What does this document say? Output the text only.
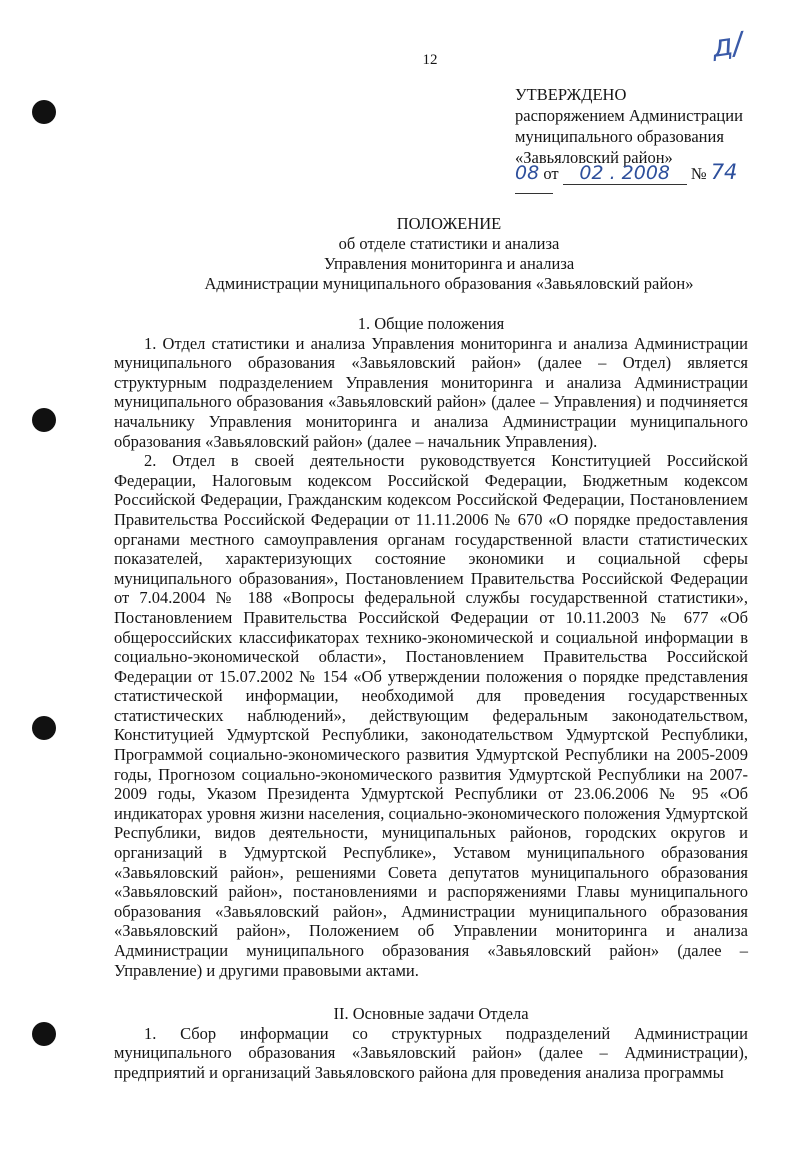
12	д/
УТВЕРЖДЕНО
распоряжением Администрации
муниципального образования
«Завьяловский район»
08 от 02 . 2008 № 74
ПОЛОЖЕНИЕ
об отделе статистики и анализа
Управления мониторинга и анализа
Администрации муниципального образования «Завьяловский район»

1. Общие положения

1. Отдел статистики и анализа Управления мониторинга и анализа Администрации муниципального образования «Завьяловский район» (далее – Отдел) является структурным подразделением Управления мониторинга и анализа Администрации муниципального образования «Завьяловский район» (далее – Управления) и подчиняется начальнику Управления мониторинга и анализа Администрации муниципального образования «Завьяловский район» (далее – начальник Управления).

2. Отдел в своей деятельности руководствуется Конституцией Российской Федерации, Налоговым кодексом Российской Федерации, Бюджетным кодексом Российской Федерации, Гражданским кодексом Российской Федерации, Постановлением Правительства Российской Федерации от 11.11.2006 № 670 «О порядке предоставления органами местного самоуправления органам государственной власти статистических показателей, характеризующих состояние экономики и социальной сферы муниципального образования», Постановлением Правительства Российской Федерации от 7.04.2004 № 188 «Вопросы федеральной службы государственной статистики», Постановлением Правительства Российской Федерации от 10.11.2003 № 677 «Об общероссийских классификаторах технико-экономической и социальной информации в социально-экономической области», Постановлением Правительства Российской Федерации от 15.07.2002 № 154 «Об утверждении положения о порядке представления статистической информации, необходимой для проведения государственных статистических наблюдений», действующим федеральным законодательством, Конституцией Удмуртской Республики, законодательством Удмуртской Республики, Программой социально-экономического развития Удмуртской Республики на 2005-2009 годы, Прогнозом социально-экономического развития Удмуртской Республики на 2007-2009 годы, Указом Президента Удмуртской Республики от 23.06.2006 № 95 «Об индикаторах уровня жизни населения, социально-экономического положения Удмуртской Республики, видов деятельности, муниципальных районов, городских округов и организаций в Удмуртской Республике», Уставом муниципального образования «Завьяловский район», решениями Совета депутатов муниципального образования «Завьяловский район», постановлениями и распоряжениями Главы муниципального образования «Завьяловский район», Администрации муниципального образования «Завьяловский район», Положением об Управлении мониторинга и анализа Администрации муниципального образования «Завьяловский район» (далее – Управление) и другими правовыми актами.

II. Основные задачи Отдела

1. Сбор информации со структурных подразделений Администрации муниципального образования «Завьяловский район» (далее – Администрации), предприятий и организаций Завьяловского района для проведения анализа программы
